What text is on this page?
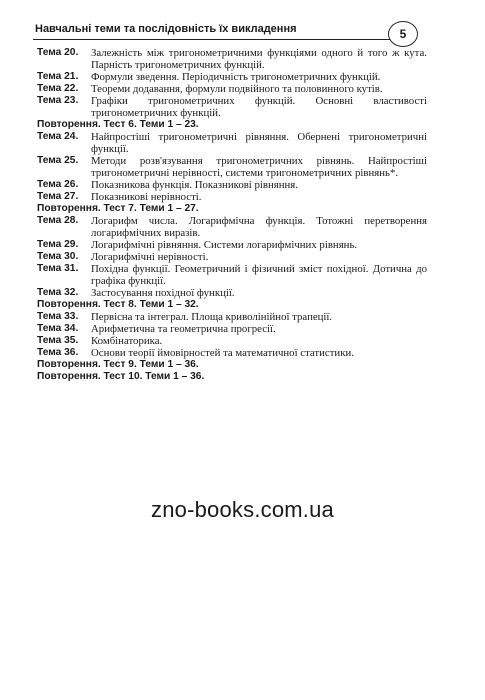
Навчальні теми та послідовність їх викладення	5
Тема 20.	Залежність між тригонометричними функціями одного й того ж кута. Парність тригонометричних функцій.
Тема 21.	Формули зведення. Періодичність тригонометричних функцій.
Тема 22.	Теореми додавання, формули подвійного та половинного кутів.
Тема 23.	Графіки тригонометричних функцій. Основні властивості тригонометричних функцій.
Повторення. Тест 6. Теми 1 – 23.
Тема 24.	Найпростіші тригонометричні рівняння. Обернені тригонометричні функції.
Тема 25.	Методи розв'язування тригонометричних рівнянь. Найпростіші тригонометричні нерівності, системи тригонометричних рівнянь*.
Тема 26.	Показникова функція. Показникові рівняння.
Тема 27.	Показникові нерівності.
Повторення. Тест 7. Теми 1 – 27.
Тема 28.	Логарифм числа. Логарифмічна функція. Тотожні перетворення логарифмічних виразів.
Тема 29.	Логарифмічні рівняння. Системи логарифмічних рівнянь.
Тема 30.	Логарифмічні нерівності.
Тема 31.	Похідна функції. Геометричний і фізичний зміст похідної. Дотична до графіка функції.
Тема 32.	Застосування похідної функції.
Повторення. Тест 8. Теми 1 – 32.
Тема 33.	Первісна та інтеграл. Площа криволінійної трапеції.
Тема 34.	Арифметична та геометрична прогресії.
Тема 35.	Комбінаторика.
Тема 36.	Основи теорії ймовірностей та математичної статистики.
Повторення. Тест 9. Теми 1 – 36.
Повторення. Тест 10. Теми 1 – 36.
zno-books.com.ua
